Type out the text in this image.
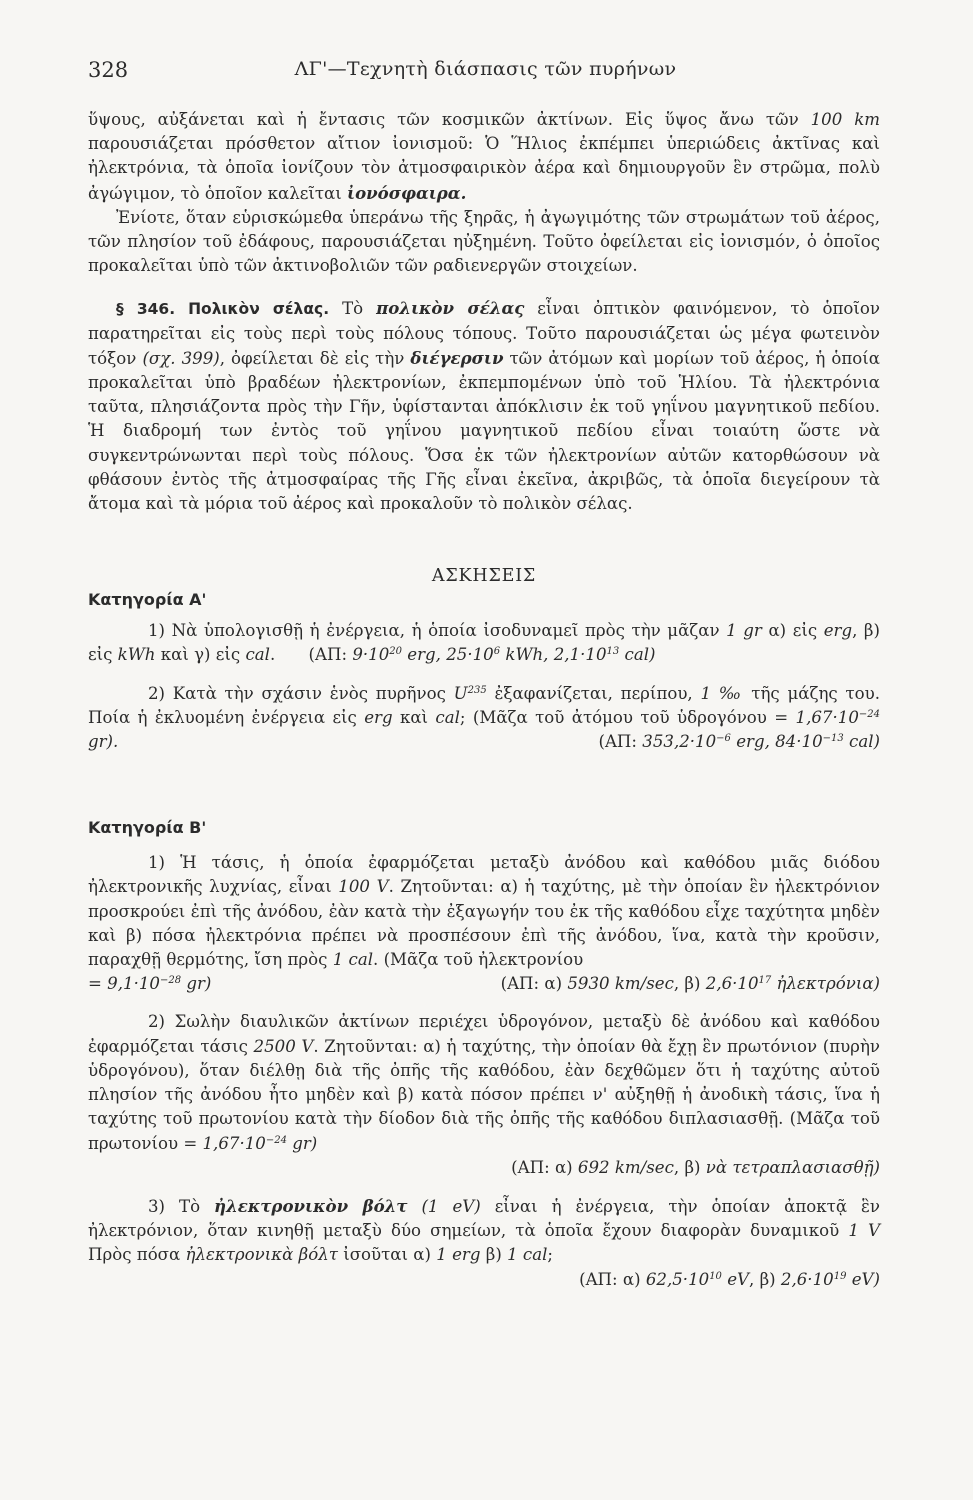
328	ΛΓ'—Τεχνητὴ διάσπασις τῶν πυρήνων

ὕψους, αὐξάνεται καὶ ἡ ἔντασις τῶν κοσμικῶν ἀκτίνων. Εἰς ὕψος ἄνω τῶν 100 km παρουσιάζεται πρόσθετον αἴτιον ἰονισμοῦ: Ὁ Ἥλιος ἐκπέμπει ὑπεριώδεις ἀκτῖνας καὶ ἠλεκτρόνια, τὰ ὁποῖα ἰονίζουν τὸν ἀτμοσφαιρικὸν ἀέρα καὶ δημιουργοῦν ἓν στρῶμα, πολὺ ἀγώγιμον, τὸ ὁποῖον καλεῖται ἰονόσφαιρα.

Ἐνίοτε, ὅταν εὑρισκώμεθα ὑπεράνω τῆς ξηρᾶς, ἡ ἀγωγιμότης τῶν στρωμάτων τοῦ ἀέρος, τῶν πλησίον τοῦ ἐδάφους, παρουσιάζεται ηὐξημένη. Τοῦτο ὀφείλεται εἰς ἰονισμόν, ὁ ὁποῖος προκαλεῖται ὑπὸ τῶν ἀκτινοβολιῶν τῶν ραδιενεργῶν στοιχείων.

§ 346. Πολικὸν σέλας. Τὸ πολικὸν σέλας εἶναι ὀπτικὸν φαινόμενον, τὸ ὁποῖον παρατηρεῖται εἰς τοὺς περὶ τοὺς πόλους τόπους. Τοῦτο παρουσιάζεται ὡς μέγα φωτεινὸν τόξον (σχ. 399), ὀφείλεται δὲ εἰς τὴν διέγερσιν τῶν ἀτόμων καὶ μορίων τοῦ ἀέρος, ἡ ὁποία προκαλεῖται ὑπὸ βραδέων ἠλεκτρονίων, ἐκπεμπομένων ὑπὸ τοῦ Ἡλίου. Τὰ ἠλεκτρόνια ταῦτα, πλησιάζοντα πρὸς τὴν Γῆν, ὑφίστανται ἀπόκλισιν ἐκ τοῦ γηΐνου μαγνητικοῦ πεδίου. Ἡ διαδρομή των ἐντὸς τοῦ γηΐνου μαγνητικοῦ πεδίου εἶναι τοιαύτη ὥστε νὰ συγκεντρώνωνται περὶ τοὺς πόλους. Ὅσα ἐκ τῶν ἠλεκτρονίων αὐτῶν κατορθώσουν νὰ φθάσουν ἐντὸς τῆς ἀτμοσφαίρας τῆς Γῆς εἶναι ἐκεῖνα, ἀκριβῶς, τὰ ὁποῖα διεγείρουν τὰ ἄτομα καὶ τὰ μόρια τοῦ ἀέρος καὶ προκαλοῦν τὸ πολικὸν σέλας.

ΑΣΚΗΣΕΙΣ
Κατηγορία Α'

1) Νὰ ὑπολογισθῇ ἡ ἐνέργεια, ἡ ὁποία ἰσοδυναμεῖ πρὸς τὴν μᾶζαν 1 gr α) εἰς erg, β) εἰς kWh καὶ γ) εἰς cal. (ΑΠ: $9\cdot 10^{20}$ erg, $25\cdot 10^6$ kWh, $2,1\cdot 10^{13}$ cal)

2) Κατὰ τὴν σχάσιν ἑνὸς πυρῆνος $U^{235}$ ἐξαφανίζεται, περίπου, 1 ‰ τῆς μάζης του. Ποία ἡ ἐκλυομένη ἐνέργεια εἰς erg καὶ cal; (Μᾶζα τοῦ ἀτόμου τοῦ ὑδρογόνου = $1,67\cdot 10^{-24}$ gr).	(ΑΠ: $353,2\cdot 10^{-6}$ erg, $84\cdot 10^{-13}$ cal)

Κατηγορία Β'

1) Ἡ τάσις, ἡ ὁποία ἐφαρμόζεται μεταξὺ ἀνόδου καὶ καθόδου μιᾶς διόδου ἠλεκτρονικῆς λυχνίας, εἶναι 100 V. Ζητοῦνται: α) ἡ ταχύτης, μὲ τὴν ὁποίαν ἓν ἠλεκτρόνιον προσκρούει ἐπὶ τῆς ἀνόδου, ἐὰν κατὰ τὴν ἐξαγωγήν του ἐκ τῆς καθόδου εἶχε ταχύτητα μηδὲν καὶ β) πόσα ἠλεκτρόνια πρέπει νὰ προσπέσουν ἐπὶ τῆς ἀνόδου, ἵνα, κατὰ τὴν κροῦσιν, παραχθῇ θερμότης, ἴση πρὸς 1 cal. (Μᾶζα τοῦ ἠλεκτρονίου

= $9,1\cdot 10^{-28}$ gr)	(ΑΠ: α) 5930 km/sec, β) $2,6\cdot 10^{17}$ ἠλεκτρόνια)

2) Σωλὴν διαυλικῶν ἀκτίνων περιέχει ὑδρογόνον, μεταξὺ δὲ ἀνόδου καὶ καθόδου ἐφαρμόζεται τάσις 2500 V. Ζητοῦνται: α) ἡ ταχύτης, τὴν ὁποίαν θὰ ἔχῃ ἓν πρωτόνιον (πυρὴν ὑδρογόνου), ὅταν διέλθῃ διὰ τῆς ὀπῆς τῆς καθόδου, ἐὰν δεχθῶμεν ὅτι ἡ ταχύτης αὐτοῦ πλησίον τῆς ἀνόδου ἦτο μηδὲν καὶ β) κατὰ πόσον πρέπει ν' αὐξηθῇ ἡ ἀνοδικὴ τάσις, ἵνα ἡ ταχύτης τοῦ πρωτονίου κατὰ τὴν δίοδον διὰ τῆς ὀπῆς τῆς καθόδου διπλασιασθῇ. (Μᾶζα τοῦ $\pi\rho\omega\tau o\nu ίo\upsilon = 1,67\cdot 10^{-24}$ gr)

(ΑΠ: α) 692 km/sec, β) νὰ τετραπλασιασθῇ)

3) Τὸ ἠλεκτρονικὸν βόλτ (1 eV) εἶναι ἡ ἐνέργεια, τὴν ὁποίαν ἀποκτᾷ ἓν ἠλεκτρόνιον, ὅταν κινηθῇ μεταξὺ δύο σημείων, τὰ ὁποῖα ἔχουν διαφορὰν δυναμικοῦ 1 V Πρὸς πόσα ἠλεκτρονικὰ βόλτ ἰσοῦται α) 1 erg β) 1 cal;

(ΑΠ: α) $62,5\cdot 10^{10}$ eV, β) $2,6\cdot 10^{19}$ eV)
